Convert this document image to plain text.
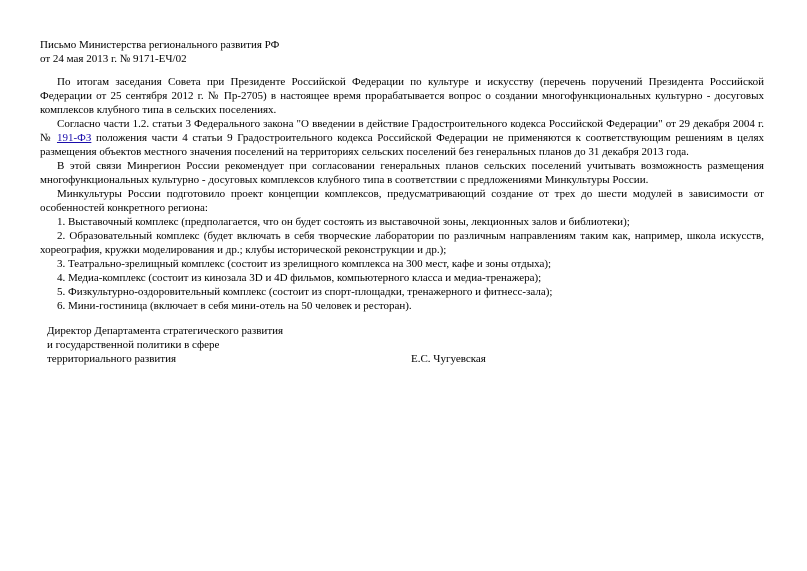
Письмо Министерства регионального развития РФ
от 24 мая 2013 г. № 9171-ЕЧ/02

По итогам заседания Совета при Президенте Российской Федерации по культуре и искусству (перечень поручений Президента Российской Федерации от 25 сентября 2012 г. № Пр-2705) в настоящее время прорабатывается вопрос о создании многофункциональных культурно - досуговых комплексов клубного типа в сельских поселениях.

Согласно части 1.2. статьи 3 Федерального закона "О введении в действие Градостроительного кодекса Российской Федерации" от 29 декабря 2004 г. № 191-ФЗ положения части 4 статьи 9 Градостроительного кодекса Российской Федерации не применяются к соответствующим решениям в целях размещения объектов местного значения поселений на территориях сельских поселений без генеральных планов до 31 декабря 2013 года.

В этой связи Минрегион России рекомендует при согласовании генеральных планов сельских поселений учитывать возможность размещения многофункциональных культурно - досуговых комплексов клубного типа в соответствии с предложениями Минкультуры России.

Минкультуры России подготовило проект концепции комплексов, предусматривающий создание от трех до шести модулей в зависимости от особенностей конкретного региона:

1. Выставочный комплекс (предполагается, что он будет состоять из выставочной зоны, лекционных залов и библиотеки);

2. Образовательный комплекс (будет включать в себя творческие лаборатории по различным направлениям таким как, например, школа искусств, хореография, кружки моделирования и др.; клубы исторической реконструкции и др.);

3. Театрально-зрелищный комплекс (состоит из зрелищного комплекса на 300 мест, кафе и зоны отдыха);

4. Медиа-комплекс (состоит из кинозала 3D и 4D фильмов, компьютерного класса и медиа-тренажера);

5. Физкультурно-оздоровительный комплекс (состоит из спорт-площадки, тренажерного и фитнесс-зала);

6. Мини-гостиница (включает в себя мини-отель на 50 человек и ресторан).

Директор Департамента стратегического развития
и государственной политики в сфере
территориального развития	Е.С. Чугуевская
